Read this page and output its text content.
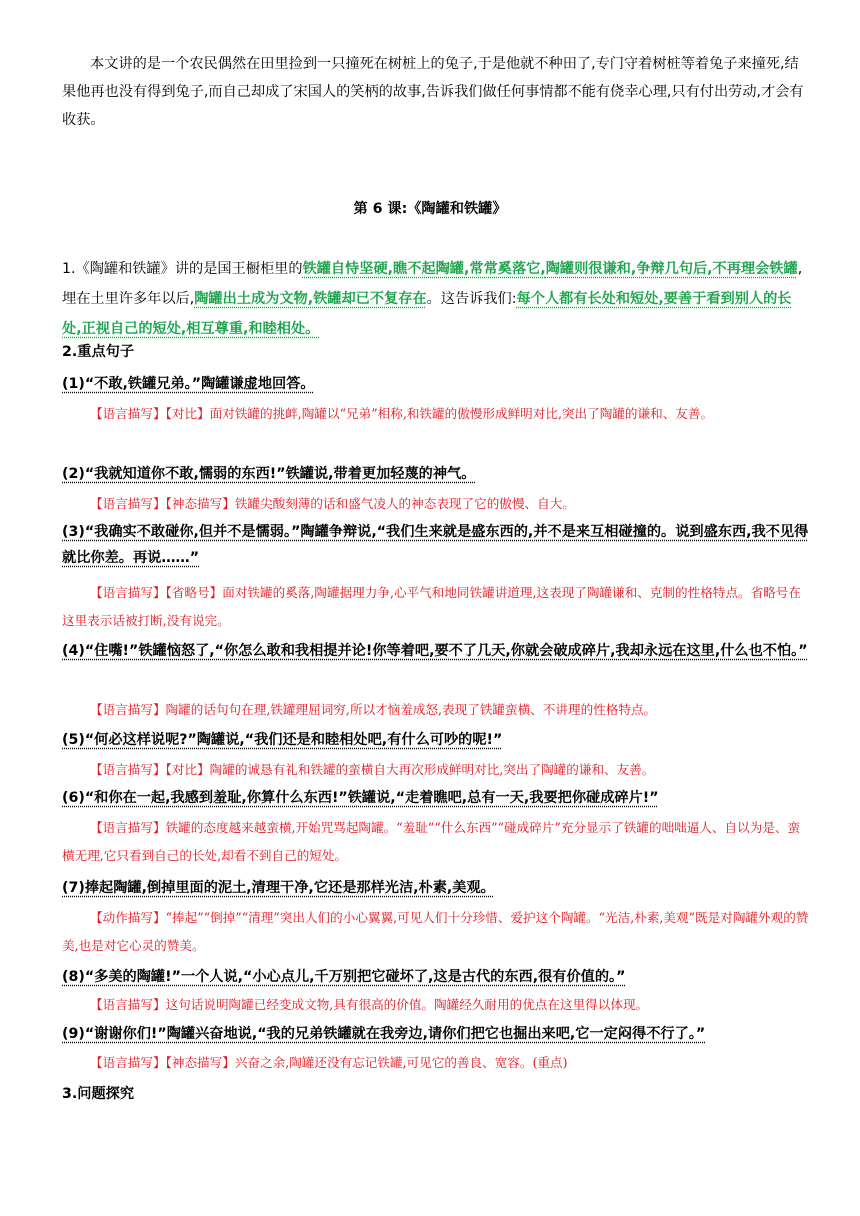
本文讲的是一个农民偶然在田里捡到一只撞死在树桩上的兔子,于是他就不种田了,专门守着树桩等着兔子来撞死,结果他再也没有得到兔子,而自己却成了宋国人的笑柄的故事,告诉我们做任何事情都不能有侥幸心理,只有付出劳动,才会有收获。

第 6 课:《陶罐和铁罐》

1.《陶罐和铁罐》讲的是国王橱柜里的铁罐自恃坚硬,瞧不起陶罐,常常奚落它,陶罐则很谦和,争辩几句后,不再理会铁罐,埋在土里许多年以后,陶罐出土成为文物,铁罐却已不复存在。这告诉我们:每个人都有长处和短处,要善于看到别人的长处,正视自己的短处,相互尊重,和睦相处。

2.重点句子

(1)“不敢,铁罐兄弟。”陶罐谦虚地回答。

【语言描写】【对比】面对铁罐的挑衅,陶罐以“兄弟”相称,和铁罐的傲慢形成鲜明对比,突出了陶罐的谦和、友善。

(2)“我就知道你不敢,懦弱的东西!”铁罐说,带着更加轻蔑的神气。

【语言描写】【神态描写】铁罐尖酸刻薄的话和盛气凌人的神态表现了它的傲慢、自大。

(3)“我确实不敢碰你,但并不是懦弱。”陶罐争辩说,“我们生来就是盛东西的,并不是来互相碰撞的。说到盛东西,我不见得就比你差。再说……”

【语言描写】【省略号】面对铁罐的奚落,陶罐据理力争,心平气和地同铁罐讲道理,这表现了陶罐谦和、克制的性格特点。省略号在这里表示话被打断,没有说完。

(4)“住嘴!”铁罐恼怒了,“你怎么敢和我相提并论!你等着吧,要不了几天,你就会破成碎片,我却永远在这里,什么也不怕。”

【语言描写】陶罐的话句句在理,铁罐理屈词穷,所以才恼羞成怒,表现了铁罐蛮横、不讲理的性格特点。

(5)“何必这样说呢?”陶罐说,“我们还是和睦相处吧,有什么可吵的呢!”

【语言描写】【对比】陶罐的诚恳有礼和铁罐的蛮横自大再次形成鲜明对比,突出了陶罐的谦和、友善。

(6)“和你在一起,我感到羞耻,你算什么东西!”铁罐说,“走着瞧吧,总有一天,我要把你碰成碎片!”

【语言描写】铁罐的态度越来越蛮横,开始咒骂起陶罐。“羞耻”“什么东西”“碰成碎片”充分显示了铁罐的咄咄逼人、自以为是、蛮横无理,它只看到自己的长处,却看不到自己的短处。

(7)捧起陶罐,倒掉里面的泥土,清理干净,它还是那样光洁,朴素,美观。

【动作描写】“捧起”“倒掉”“清理”突出人们的小心翼翼,可见人们十分珍惜、爱护这个陶罐。“光洁,朴素,美观”既是对陶罐外观的赞美,也是对它心灵的赞美。

(8)“多美的陶罐!”一个人说,“小心点儿,千万别把它碰坏了,这是古代的东西,很有价值的。”

【语言描写】这句话说明陶罐已经变成文物,具有很高的价值。陶罐经久耐用的优点在这里得以体现。

(9)“谢谢你们!”陶罐兴奋地说,“我的兄弟铁罐就在我旁边,请你们把它也掘出来吧,它一定闷得不行了。”

【语言描写】【神态描写】兴奋之余,陶罐还没有忘记铁罐,可见它的善良、宽容。(重点)

3.问题探究
